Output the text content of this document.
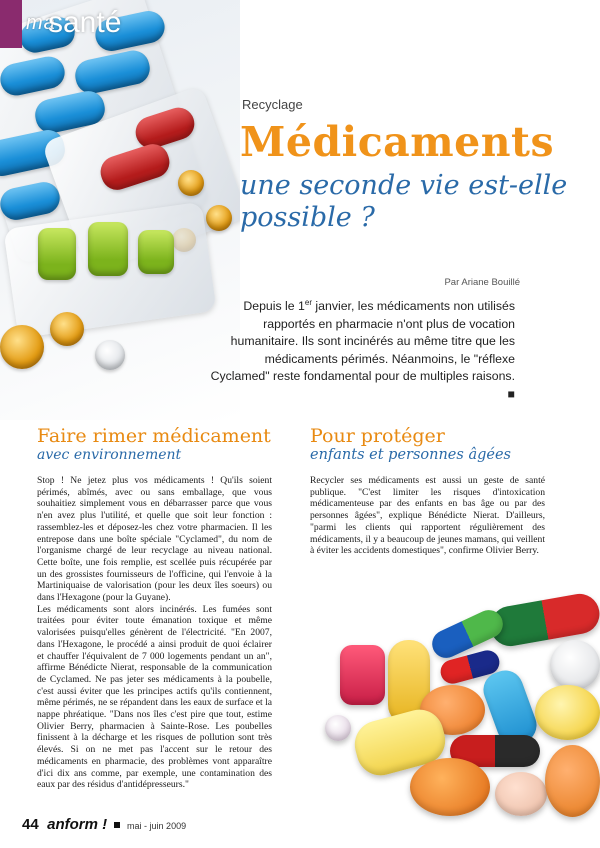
ma
santé
Recyclage
Médicaments

une seconde vie est-elle possible ?

Par Ariane Bouillé
Depuis le 1er janvier, les médicaments non utilisés rapportés en pharmacie n'ont plus de vocation humanitaire. Ils sont incinérés au même titre que les médicaments périmés. Néanmoins, le "réflexe Cyclamed" reste fondamental pour de multiples raisons. ■
Faire rimer médicament
avec environnement

Stop ! Ne jetez plus vos médicaments ! Qu'ils soient périmés, abîmés, avec ou sans emballage, que vous souhaitiez simplement vous en débarrasser parce que vous n'en avez plus l'utilité, et quelle que soit leur fonction : rassemblez-les et déposez-les chez votre pharmacien. Il les entrepose dans une boîte spéciale "Cyclamed", du nom de l'organisme chargé de leur recyclage au niveau national. Cette boîte, une fois remplie, est scellée puis récupérée par un des grossistes fournisseurs de l'officine, qui l'envoie à la Martiniquaise de valorisation (pour les deux îles soeurs) ou dans l'Hexagone (pour la Guyane).

Les médicaments sont alors incinérés. Les fumées sont traitées pour éviter toute émanation toxique et même valorisées puisqu'elles génèrent de l'électricité. "En 2007, dans l'Hexagone, le procédé a ainsi produit de quoi éclairer et chauffer l'équivalent de 7 000 logements pendant un an", affirme Bénédicte Nierat, responsable de la communication de Cyclamed. Ne pas jeter ses médicaments à la poubelle, c'est aussi éviter que les principes actifs qu'ils contiennent, même périmés, ne se répandent dans les eaux de surface et la nappe phréatique. "Dans nos îles c'est pire que tout, estime Olivier Berry, pharmacien à Sainte-Rose. Les poubelles finissent à la décharge et les risques de pollution sont très élevés. Si on ne met pas l'accent sur le retour des médicaments en pharmacie, des problèmes vont apparaître d'ici dix ans comme, par exemple, une contamination des eaux par des résidus d'antidépresseurs."

Pour protéger
enfants et personnes âgées

Recycler ses médicaments est aussi un geste de santé publique. "C'est limiter les risques d'intoxication médicamenteuse par des enfants en bas âge ou par des personnes âgées", explique Bénédicte Nierat. D'ailleurs, "parmi les clients qui rapportent régulièrement des médicaments, il y a beaucoup de jeunes mamans, qui veillent à éviter les accidents domestiques", confirme Olivier Berry.

44 anform ! mai - juin 2009
